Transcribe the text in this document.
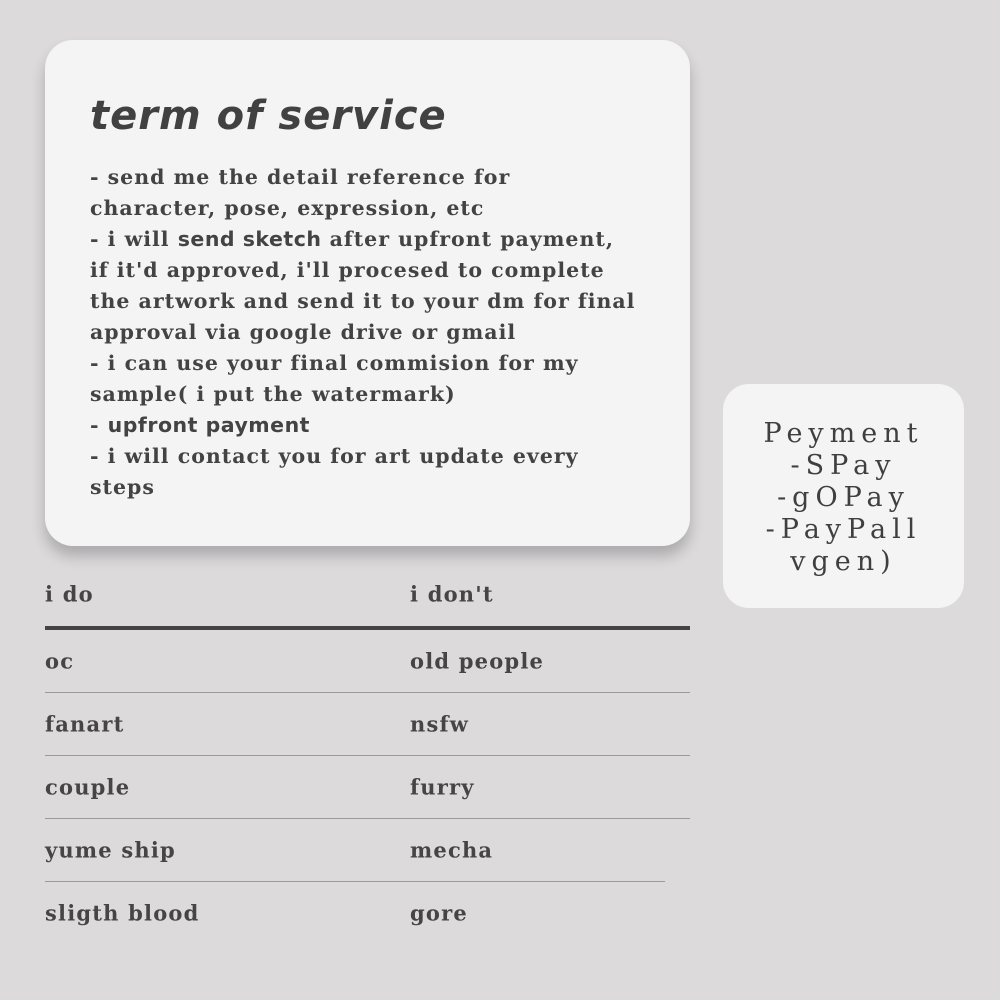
term of service
- send me the detail reference for
character, pose, expression, etc
- i will send sketch after upfront payment,
if it'd approved, i'll procesed to complete
the artwork and send it to your dm for final
approval via google drive or gmail
- i can use your final commision for my
sample( i put the watermark)
- upfront payment
- i will contact you for art update every
steps
Peyment
-SPay
-gOPay
-PayPall
vgen)
i do	i don't
oc	old people
fanart	nsfw
couple	furry
yume ship	mecha
sligth blood	gore
